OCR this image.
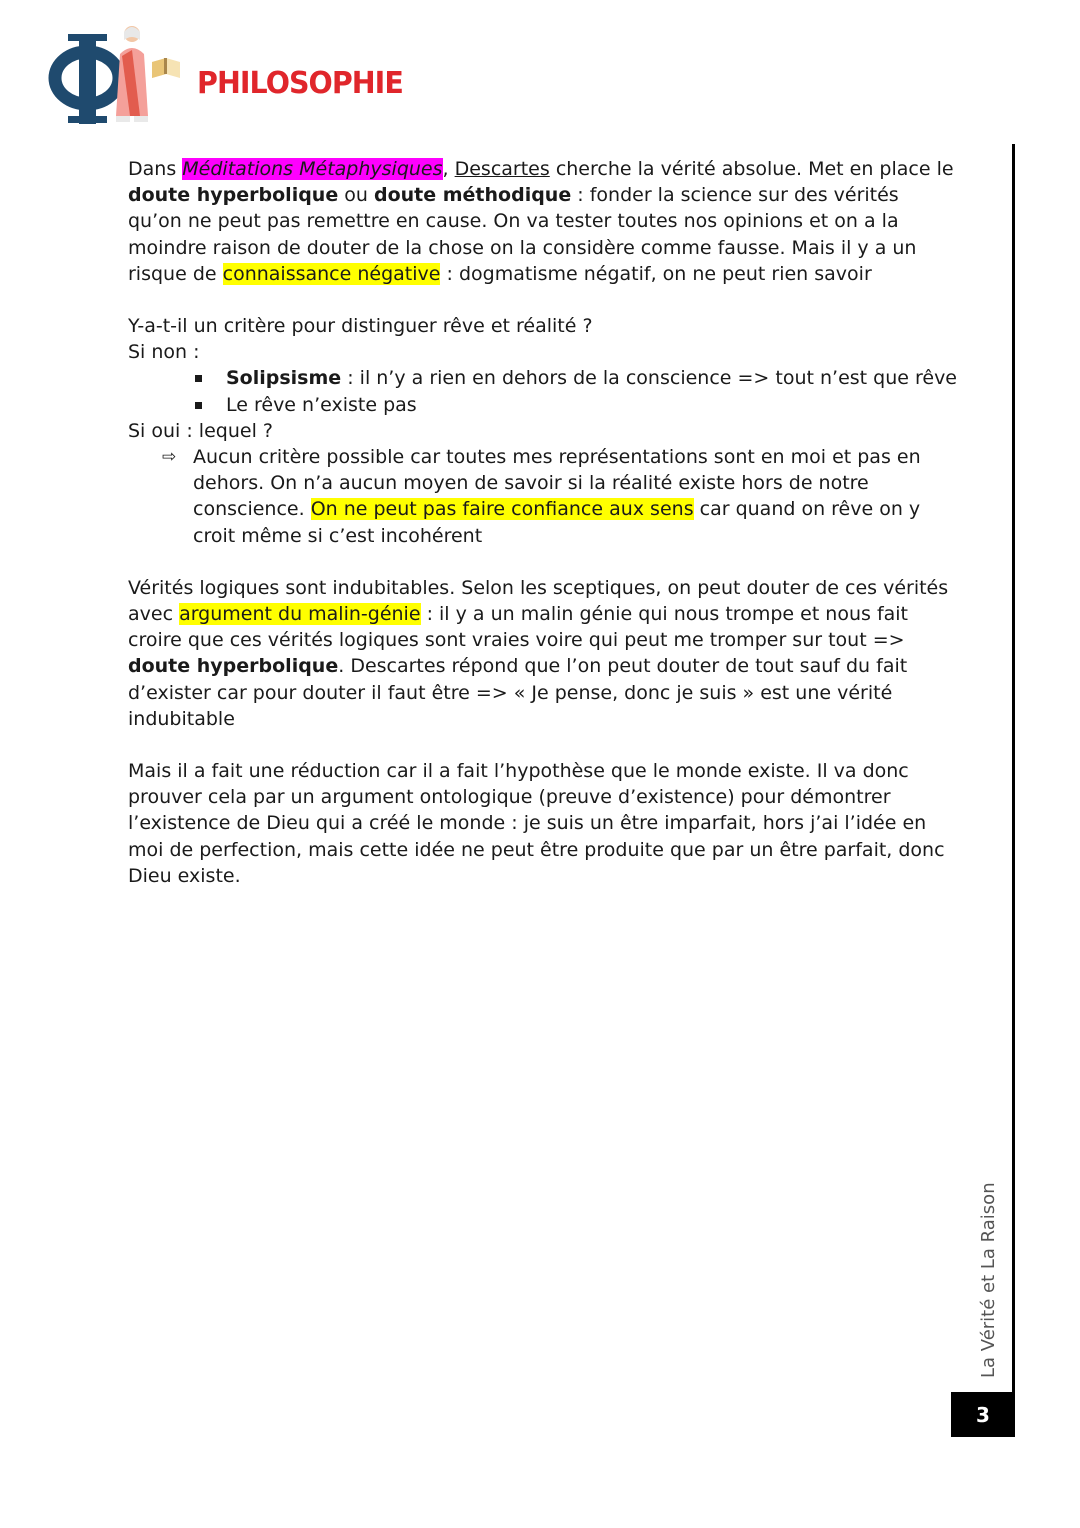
PHILOSOPHIE

Dans Méditations Métaphysiques, Descartes cherche la vérité absolue. Met en place le doute hyperbolique ou doute méthodique : fonder la science sur des vérités qu’on ne peut pas remettre en cause. On va tester toutes nos opinions et on a la moindre raison de douter de la chose on la considère comme fausse. Mais il y a un risque de connaissance négative : dogmatisme négatif, on ne peut rien savoir

Y-a-t-il un critère pour distinguer rêve et réalité ?

Si non :

Solipsisme : il n’y a rien en dehors de la conscience => tout n’est que rêve
Le rêve n’existe pas

Si oui : lequel ?

⇨ Aucun critère possible car toutes mes représentations sont en moi et pas en dehors. On n’a aucun moyen de savoir si la réalité existe hors de notre conscience. On ne peut pas faire confiance aux sens car quand on rêve on y croit même si c’est incohérent

Vérités logiques sont indubitables. Selon les sceptiques, on peut douter de ces vérités avec argument du malin-génie : il y a un malin génie qui nous trompe et nous fait croire que ces vérités logiques sont vraies voire qui peut me tromper sur tout => doute hyperbolique. Descartes répond que l’on peut douter de tout sauf du fait d’exister car pour douter il faut être => « Je pense, donc je suis » est une vérité indubitable

Mais il a fait une réduction car il a fait l’hypothèse que le monde existe. Il va donc prouver cela par un argument ontologique (preuve d’existence) pour démontrer l’existence de Dieu qui a créé le monde : je suis un être imparfait, hors j’ai l’idée en moi de perfection, mais cette idée ne peut être produite que par un être parfait, donc Dieu existe.

La Vérité et La Raison
3
